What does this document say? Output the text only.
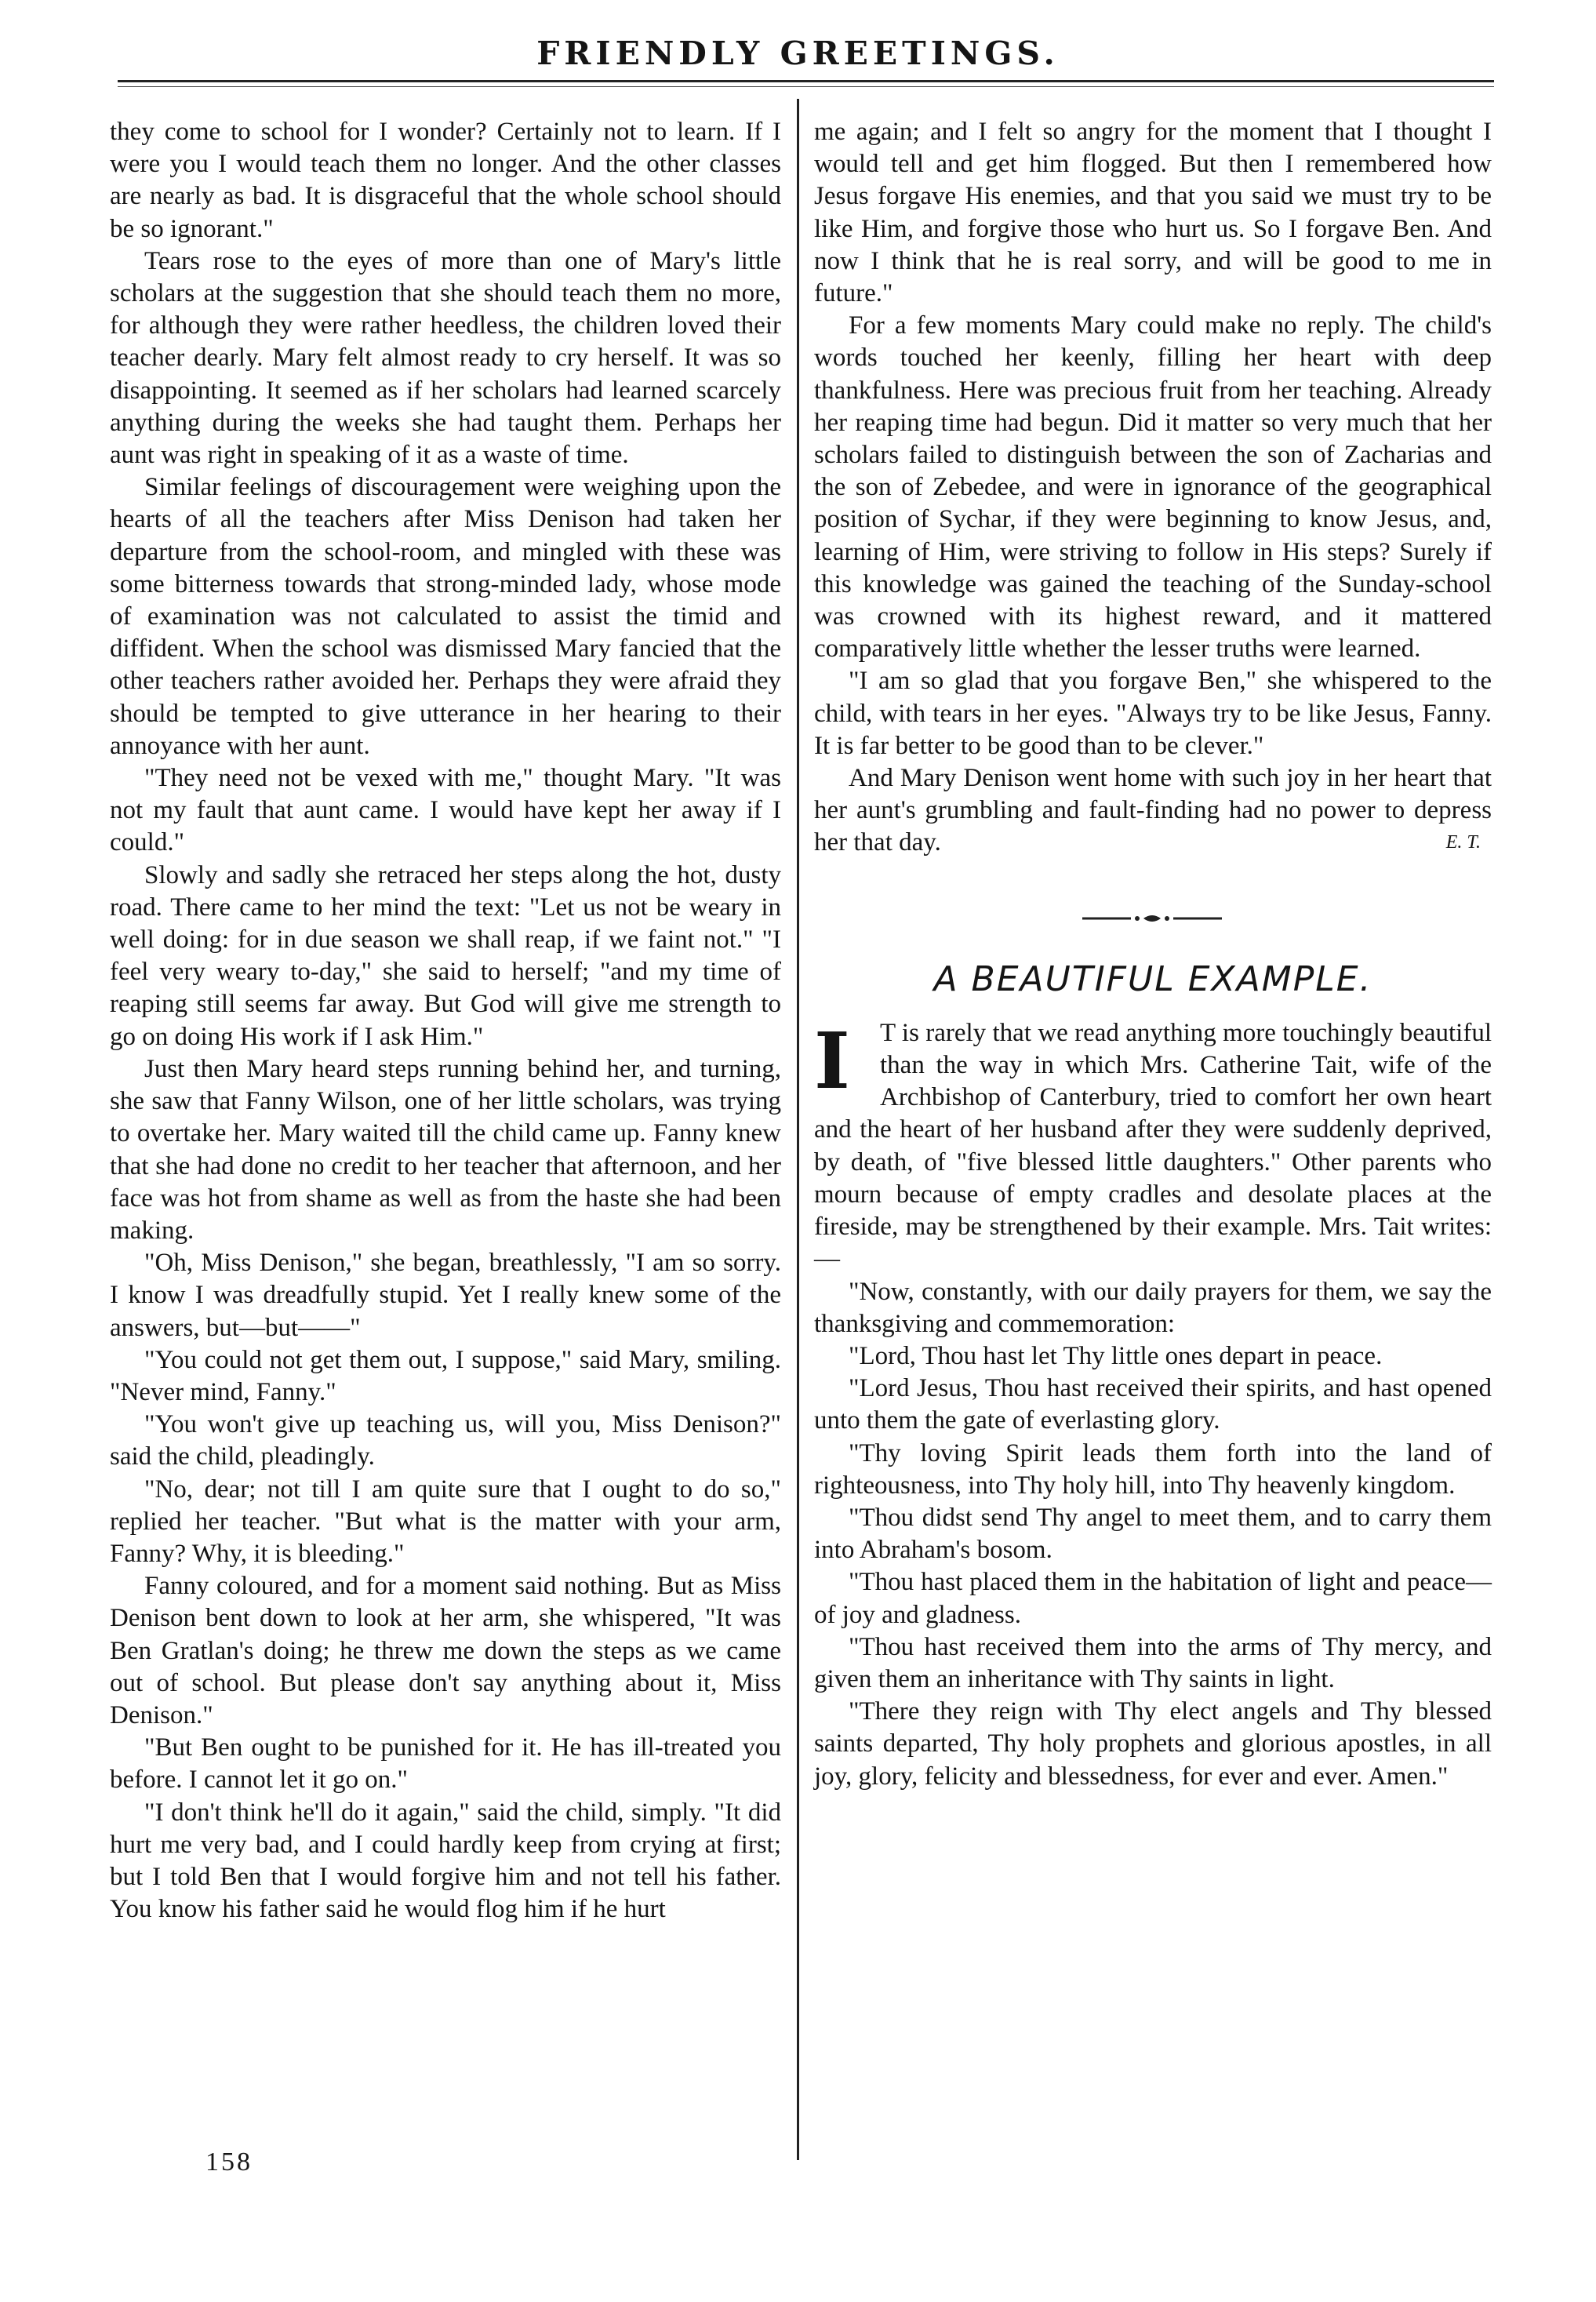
FRIENDLY GREETINGS.

they come to school for I wonder? Certainly not to learn. If I were you I would teach them no longer. And the other classes are nearly as bad. It is disgraceful that the whole school should be so ignorant."

Tears rose to the eyes of more than one of Mary's little scholars at the suggestion that she should teach them no more, for although they were rather heedless, the children loved their teacher dearly. Mary felt almost ready to cry herself. It was so disappointing. It seemed as if her scholars had learned scarcely anything during the weeks she had taught them. Perhaps her aunt was right in speaking of it as a waste of time.

Similar feelings of discouragement were weighing upon the hearts of all the teachers after Miss Denison had taken her departure from the school-room, and mingled with these was some bitterness towards that strong-minded lady, whose mode of examination was not calculated to assist the timid and diffident. When the school was dismissed Mary fancied that the other teachers rather avoided her. Perhaps they were afraid they should be tempted to give utterance in her hearing to their annoyance with her aunt.

"They need not be vexed with me," thought Mary. "It was not my fault that aunt came. I would have kept her away if I could."

Slowly and sadly she retraced her steps along the hot, dusty road. There came to her mind the text: "Let us not be weary in well doing: for in due season we shall reap, if we faint not." "I feel very weary to-day," she said to herself; "and my time of reaping still seems far away. But God will give me strength to go on doing His work if I ask Him."

Just then Mary heard steps running behind her, and turning, she saw that Fanny Wilson, one of her little scholars, was trying to overtake her. Mary waited till the child came up. Fanny knew that she had done no credit to her teacher that afternoon, and her face was hot from shame as well as from the haste she had been making.

"Oh, Miss Denison," she began, breathlessly, "I am so sorry. I know I was dreadfully stupid. Yet I really knew some of the answers, but—but——"

"You could not get them out, I suppose," said Mary, smiling. "Never mind, Fanny."

"You won't give up teaching us, will you, Miss Denison?" said the child, pleadingly.

"No, dear; not till I am quite sure that I ought to do so," replied her teacher. "But what is the matter with your arm, Fanny? Why, it is bleeding."

Fanny coloured, and for a moment said nothing. But as Miss Denison bent down to look at her arm, she whispered, "It was Ben Gratlan's doing; he threw me down the steps as we came out of school. But please don't say anything about it, Miss Denison."

"But Ben ought to be punished for it. He has ill-treated you before. I cannot let it go on."

"I don't think he'll do it again," said the child, simply. "It did hurt me very bad, and I could hardly keep from crying at first; but I told Ben that I would forgive him and not tell his father. You know his father said he would flog him if he hurt

me again; and I felt so angry for the moment that I thought I would tell and get him flogged. But then I remembered how Jesus forgave His enemies, and that you said we must try to be like Him, and forgive those who hurt us. So I forgave Ben. And now I think that he is real sorry, and will be good to me in future."

For a few moments Mary could make no reply. The child's words touched her keenly, filling her heart with deep thankfulness. Here was precious fruit from her teaching. Already her reaping time had begun. Did it matter so very much that her scholars failed to distinguish between the son of Zacharias and the son of Zebedee, and were in ignorance of the geographical position of Sychar, if they were beginning to know Jesus, and, learning of Him, were striving to follow in His steps? Surely if this knowledge was gained the teaching of the Sunday-school was crowned with its highest reward, and it mattered comparatively little whether the lesser truths were learned.

"I am so glad that you forgave Ben," she whispered to the child, with tears in her eyes. "Always try to be like Jesus, Fanny. It is far better to be good than to be clever."

And Mary Denison went home with such joy in her heart that her aunt's grumbling and fault-finding had no power to depress her that day.	E. T.

A BEAUTIFUL EXAMPLE.

I	T is rarely that we read anything more touchingly beautiful than the way in which Mrs. Catherine Tait, wife of the Archbishop of Canterbury, tried to comfort her own heart and the heart of her husband after they were suddenly deprived, by death, of "five blessed little daughters." Other parents who mourn because of empty cradles and desolate places at the fireside, may be strengthened by their example. Mrs. Tait writes:—

"Now, constantly, with our daily prayers for them, we say the thanksgiving and commemoration:

"Lord, Thou hast let Thy little ones depart in peace.

"Lord Jesus, Thou hast received their spirits, and hast opened unto them the gate of everlasting glory.

"Thy loving Spirit leads them forth into the land of righteousness, into Thy holy hill, into Thy heavenly kingdom.

"Thou didst send Thy angel to meet them, and to carry them into Abraham's bosom.

"Thou hast placed them in the habitation of light and peace—of joy and gladness.

"Thou hast received them into the arms of Thy mercy, and given them an inheritance with Thy saints in light.

"There they reign with Thy elect angels and Thy blessed saints departed, Thy holy prophets and glorious apostles, in all joy, glory, felicity and blessedness, for ever and ever. Amen."

158
